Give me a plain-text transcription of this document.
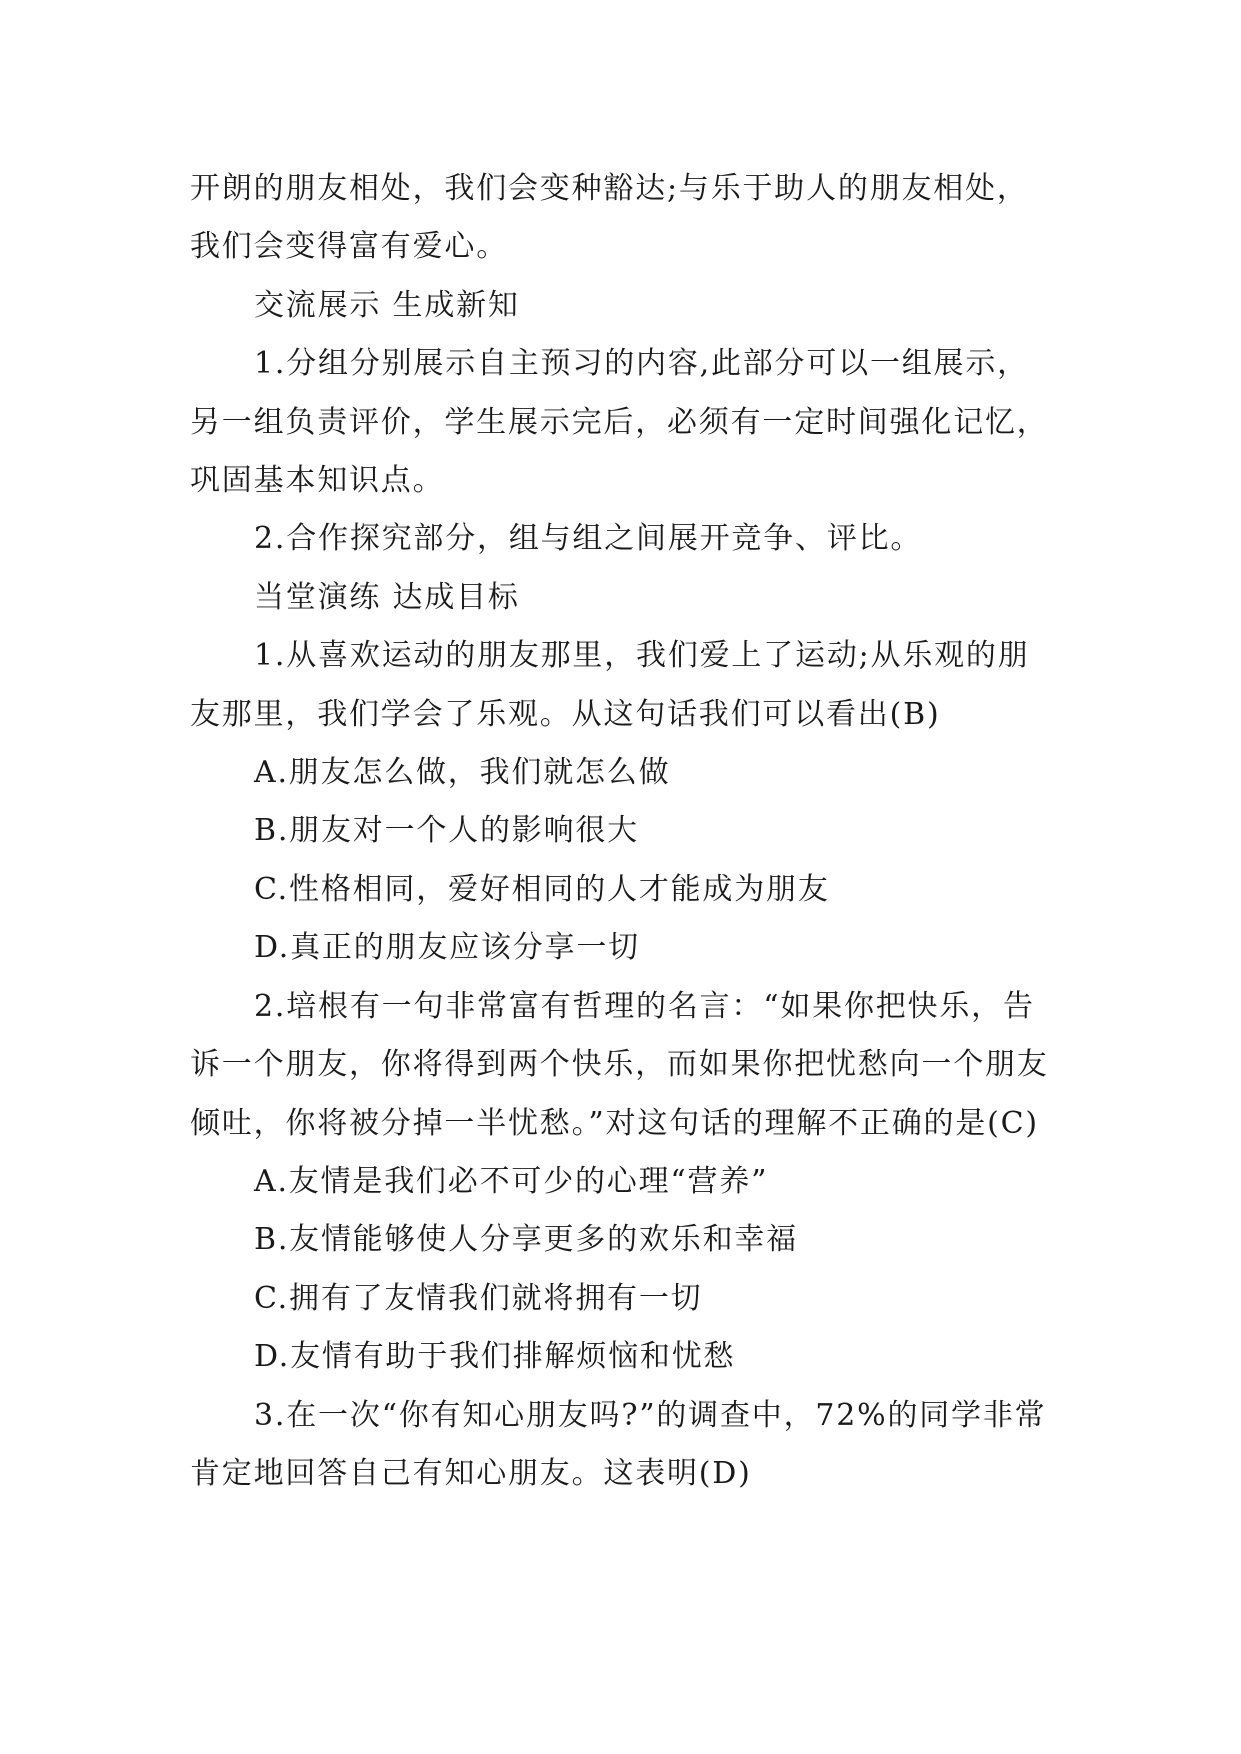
开朗的朋友相处，我们会变种豁达;与乐于助人的朋友相处，我们会变得富有爱心。

交流展示 生成新知

1.分组分别展示自主预习的内容,此部分可以一组展示，另一组负责评价，学生展示完后，必须有一定时间强化记忆，巩固基本知识点。

2.合作探究部分，组与组之间展开竞争、评比。

当堂演练 达成目标

1.从喜欢运动的朋友那里，我们爱上了运动;从乐观的朋友那里，我们学会了乐观。从这句话我们可以看出(B)

A.朋友怎么做，我们就怎么做

B.朋友对一个人的影响很大

C.性格相同，爱好相同的人才能成为朋友

D.真正的朋友应该分享一切

2.培根有一句非常富有哲理的名言：“如果你把快乐，告诉一个朋友，你将得到两个快乐，而如果你把忧愁向一个朋友倾吐，你将被分掉一半忧愁。”对这句话的理解不正确的是(C)

A.友情是我们必不可少的心理“营养”

B.友情能够使人分享更多的欢乐和幸福

C.拥有了友情我们就将拥有一切

D.友情有助于我们排解烦恼和忧愁

3.在一次“你有知心朋友吗?”的调查中，72%的同学非常肯定地回答自己有知心朋友。这表明(D)
